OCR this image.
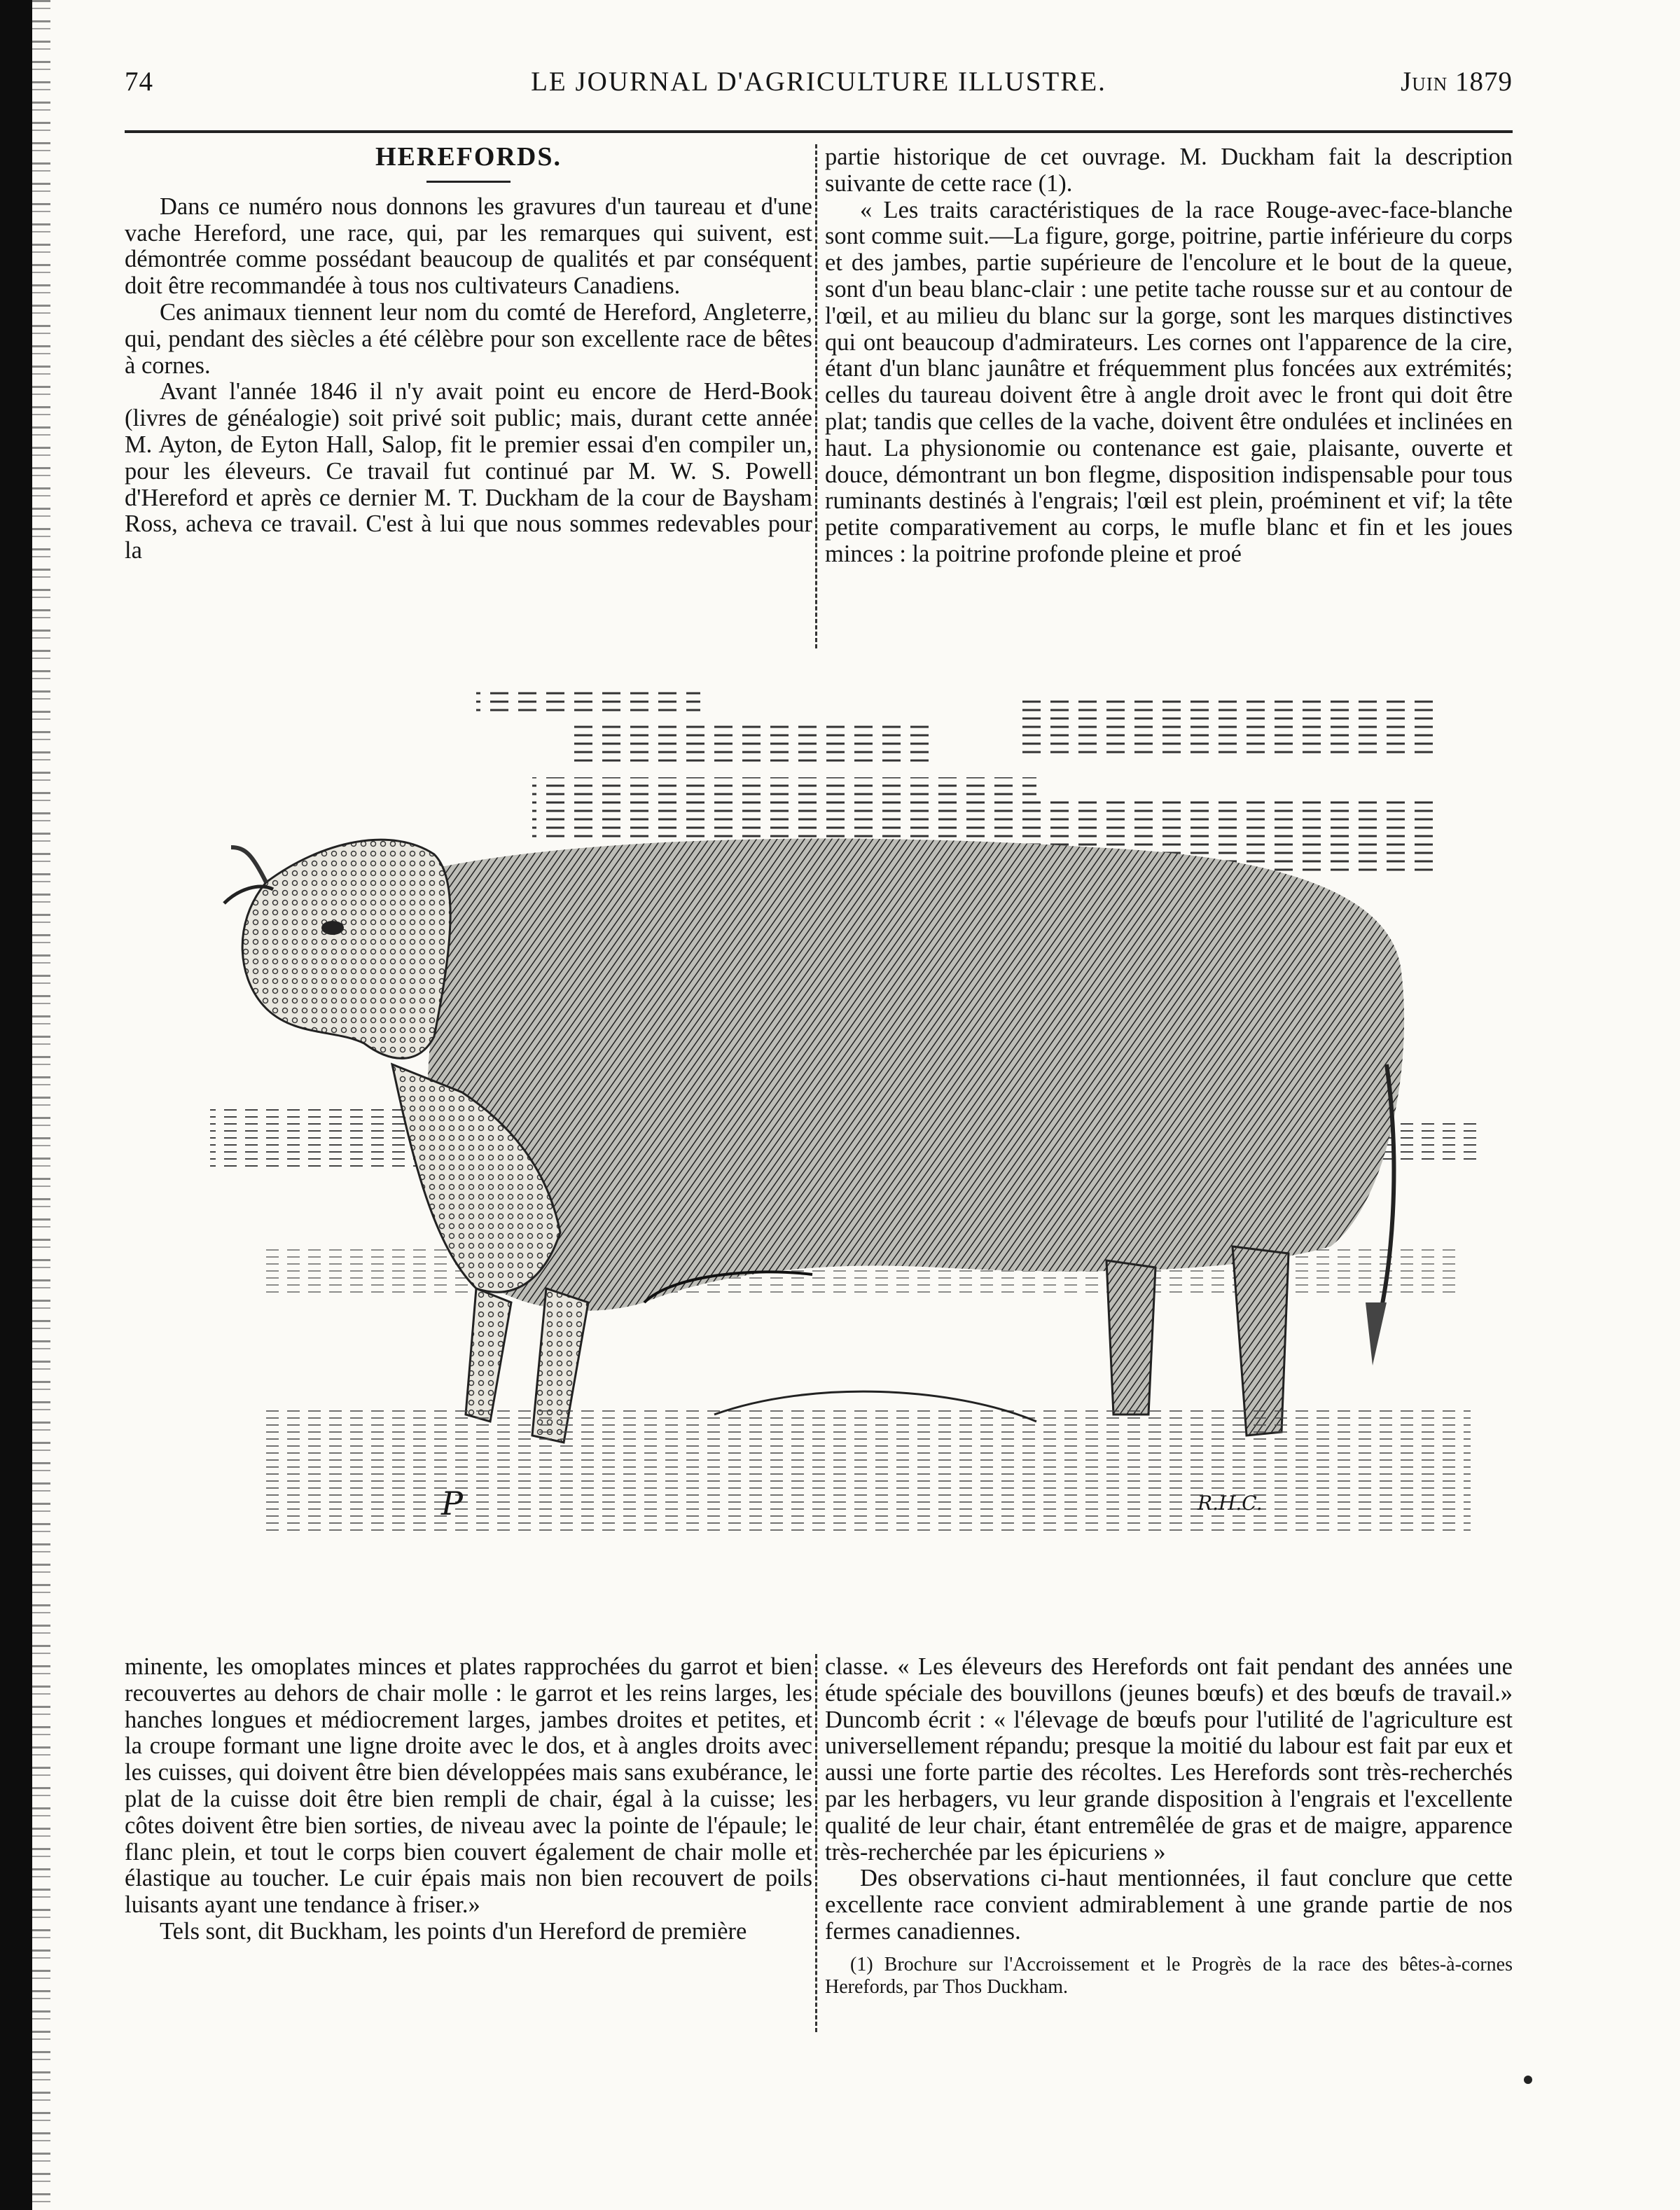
74	LE JOURNAL D'AGRICULTURE ILLUSTRE.	Juin 1879
HEREFORDS.

Dans ce numéro nous donnons les gravures d'un taureau et d'une vache Hereford, une race, qui, par les remarques qui suivent, est démontrée comme possédant beaucoup de qualités et par conséquent doit être recommandée à tous nos cultivateurs Canadiens.

Ces animaux tiennent leur nom du comté de Hereford, Angleterre, qui, pendant des siècles a été célèbre pour son excellente race de bêtes à cornes.

Avant l'année 1846 il n'y avait point eu encore de Herd-Book (livres de généalogie) soit privé soit public; mais, durant cette année M. Ayton, de Eyton Hall, Salop, fit le premier essai d'en compiler un, pour les éleveurs. Ce travail fut continué par M. W. S. Powell d'Hereford et après ce dernier M. T. Duckham de la cour de Baysham Ross, acheva ce travail. C'est à lui que nous sommes redevables pour la

partie historique de cet ouvrage. M. Duckham fait la description suivante de cette race (1).

« Les traits caractéristiques de la race Rouge-avec-face-blanche sont comme suit.—La figure, gorge, poitrine, partie inférieure du corps et des jambes, partie supérieure de l'encolure et le bout de la queue, sont d'un beau blanc-clair : une petite tache rousse sur et au contour de l'œil, et au milieu du blanc sur la gorge, sont les marques distinctives qui ont beaucoup d'admirateurs. Les cornes ont l'apparence de la cire, étant d'un blanc jaunâtre et fréquemment plus foncées aux extrémités; celles du taureau doivent être à angle droit avec le front qui doit être plat; tandis que celles de la vache, doivent être ondulées et inclinées en haut. La physionomie ou contenance est gaie, plaisante, ouverte et douce, démontrant un bon flegme, disposition indispensable pour tous ruminants destinés à l'engrais; l'œil est plein, proéminent et vif; la tête petite comparativement au corps, le mufle blanc et fin et les joues minces : la poitrine profonde pleine et proé

P	R.H.C.

minente, les omoplates minces et plates rapprochées du garrot et bien recouvertes au dehors de chair molle : le garrot et les reins larges, les hanches longues et médiocrement larges, jambes droites et petites, et la croupe formant une ligne droite avec le dos, et à angles droits avec les cuisses, qui doivent être bien développées mais sans exubérance, le plat de la cuisse doit être bien rempli de chair, égal à la cuisse; les côtes doivent être bien sorties, de niveau avec la pointe de l'épaule; le flanc plein, et tout le corps bien couvert également de chair molle et élastique au toucher. Le cuir épais mais non bien recouvert de poils luisants ayant une tendance à friser.»

Tels sont, dit Buckham, les points d'un Hereford de première

classe. « Les éleveurs des Herefords ont fait pendant des années une étude spéciale des bouvillons (jeunes bœufs) et des bœufs de travail.» Duncomb écrit : « l'élevage de bœufs pour l'utilité de l'agriculture est universellement répandu; presque la moitié du labour est fait par eux et aussi une forte partie des récoltes. Les Herefords sont très-recherchés par les herbagers, vu leur grande disposition à l'engrais et l'excellente qualité de leur chair, étant entremêlée de gras et de maigre, apparence très-recherchée par les épicuriens »

Des observations ci-haut mentionnées, il faut conclure que cette excellente race convient admirablement à une grande partie de nos fermes canadiennes.

(1) Brochure sur l'Accroissement et le Progrès de la race des bêtes-à-cornes Herefords, par Thos Duckham.
